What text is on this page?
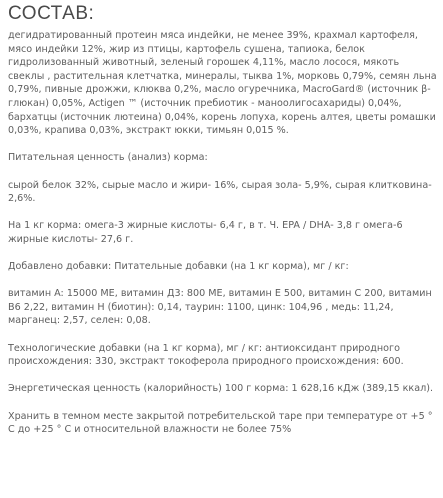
СОСТАВ:

дегидратированный протеин мяса индейки, не менее 39%, крахмал картофеля, мясо индейки 12%, жир из птицы, картофель сушена, тапиока, белок гидролизованный животный, зеленый горошек 4,11%, масло лосося, мякоть свеклы , растительная клетчатка, минералы, тыква 1%, морковь 0,79%, семян льна 0,79%, пивные дрожжи, клюква 0,2%, масло огуречника, MacroGard® (источник β-глюкан) 0,05%, Actigen ™ (источник пребиотик - маноолигосахариды) 0,04%, бархатцы (источник лютеина) 0,04%, корень лопуха, корень алтея, цветы ромашки 0,03%, крапива 0,03%, экстракт юкки, тимьян 0,015 %.

Питательная ценность (анализ) корма:

сырой белок 32%, сырые масло и жири- 16%, сырая зола- 5,9%, сырая клитковина- 2,6%.

На 1 кг корма: омега-3 жирные кислоты- 6,4 г, в т. Ч. EPA / DHA- 3,8 г омега-6 жирные кислоты- 27,6 г.

Добавлено добавки: Питательные добавки (на 1 кг корма), мг / кг:

витамин A: 15000 МЕ, витамин Д3: 800 МЕ, витамин Е 500, витамин С 200, витамин B6 2,22, витамин Н (биотин): 0,14, таурин: 1100, цинк: 104,96 , медь: 11,24, марганец: 2,57, селен: 0,08.

Технологические добавки (на 1 кг корма), мг / кг: антиоксидант природного происхождения: 330, экстракт токоферола природного происхождения: 600.

Энергетическая ценность (калорийность) 100 г корма: 1 628,16 кДж (389,15 ккал).

Хранить в темном месте закрытой потребительской таре при температуре от +5 ° С до +25 ° С и относительной влажности не более 75%
